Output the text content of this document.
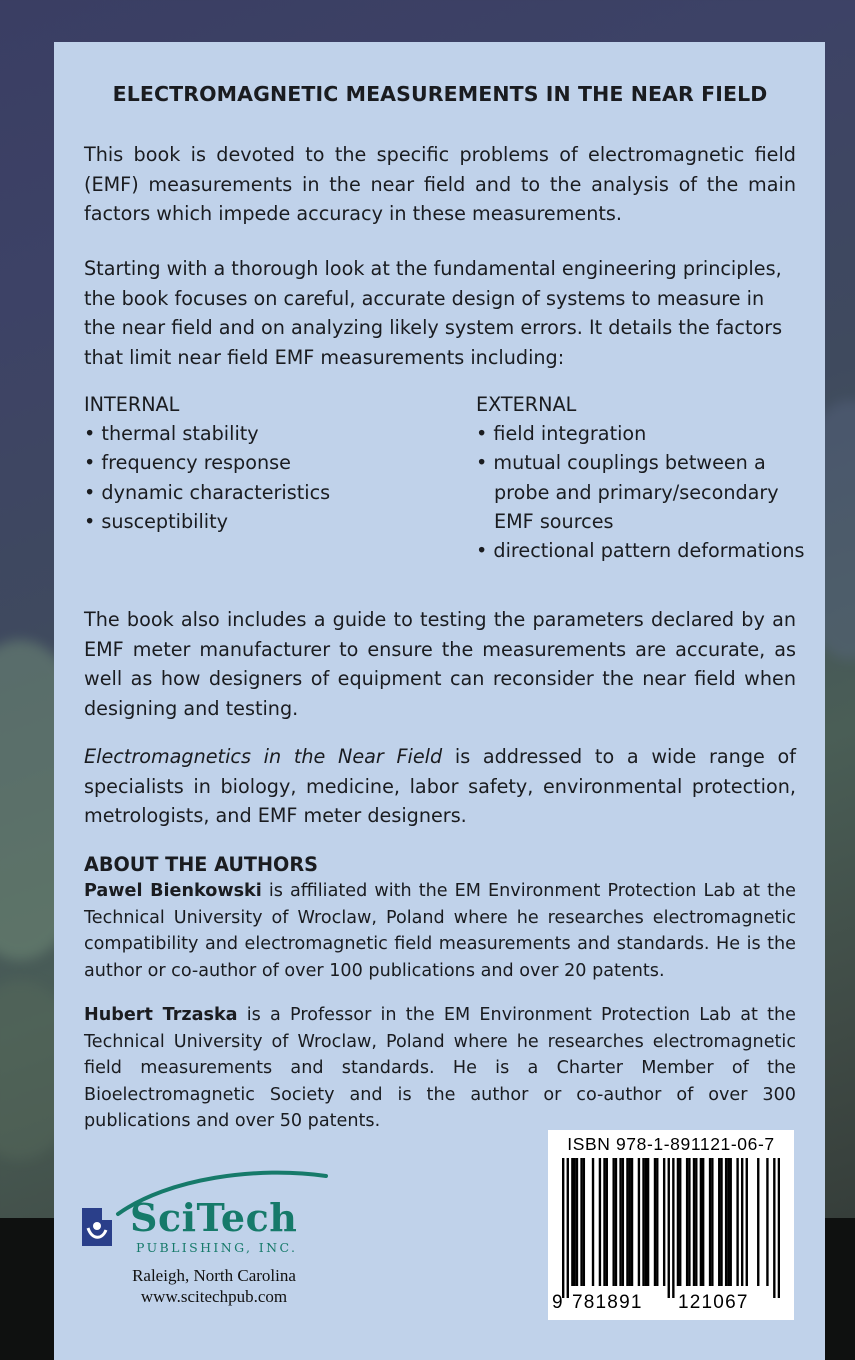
ELECTROMAGNETIC MEASUREMENTS IN THE NEAR FIELD

This book is devoted to the specific problems of electromagnetic field (EMF) measurements in the near field and to the analysis of the main factors which impede accuracy in these measurements.

Starting with a thorough look at the fundamental engineering principles, the book focuses on careful, accurate design of systems to measure in the near field and on analyzing likely system errors. It details the factors that limit near field EMF measurements including:

INTERNAL
• thermal stability
• frequency response
• dynamic characteristics
• susceptibility
EXTERNAL
• field integration
• mutual couplings between a probe and primary/secondary EMF sources
• directional pattern deformations

The book also includes a guide to testing the parameters declared by an EMF meter manufacturer to ensure the measurements are accurate, as well as how designers of equipment can reconsider the near field when designing and testing.

Electromagnetics in the Near Field is addressed to a wide range of specialists in biology, medicine, labor safety, environmental protection, metrologists, and EMF meter designers.

ABOUT THE AUTHORS

Pawel Bienkowski is affiliated with the EM Environment Protection Lab at the Technical University of Wroclaw, Poland where he researches electromagnetic compatibility and electromagnetic field measurements and standards. He is the author or co-author of over 100 publications and over 20 patents.

Hubert Trzaska is a Professor in the EM Environment Protection Lab at the Technical University of Wroclaw, Poland where he researches electromagnetic field measurements and standards. He is a Charter Member of the Bioelectromagnetic Society and is the author or co-author of over 300 publications and over 50 patents.

SciTech
PUBLISHING, INC.
Raleigh, North Carolina
www.scitechpub.com
ISBN 978-1-891121-06-7
9 781891 121067
